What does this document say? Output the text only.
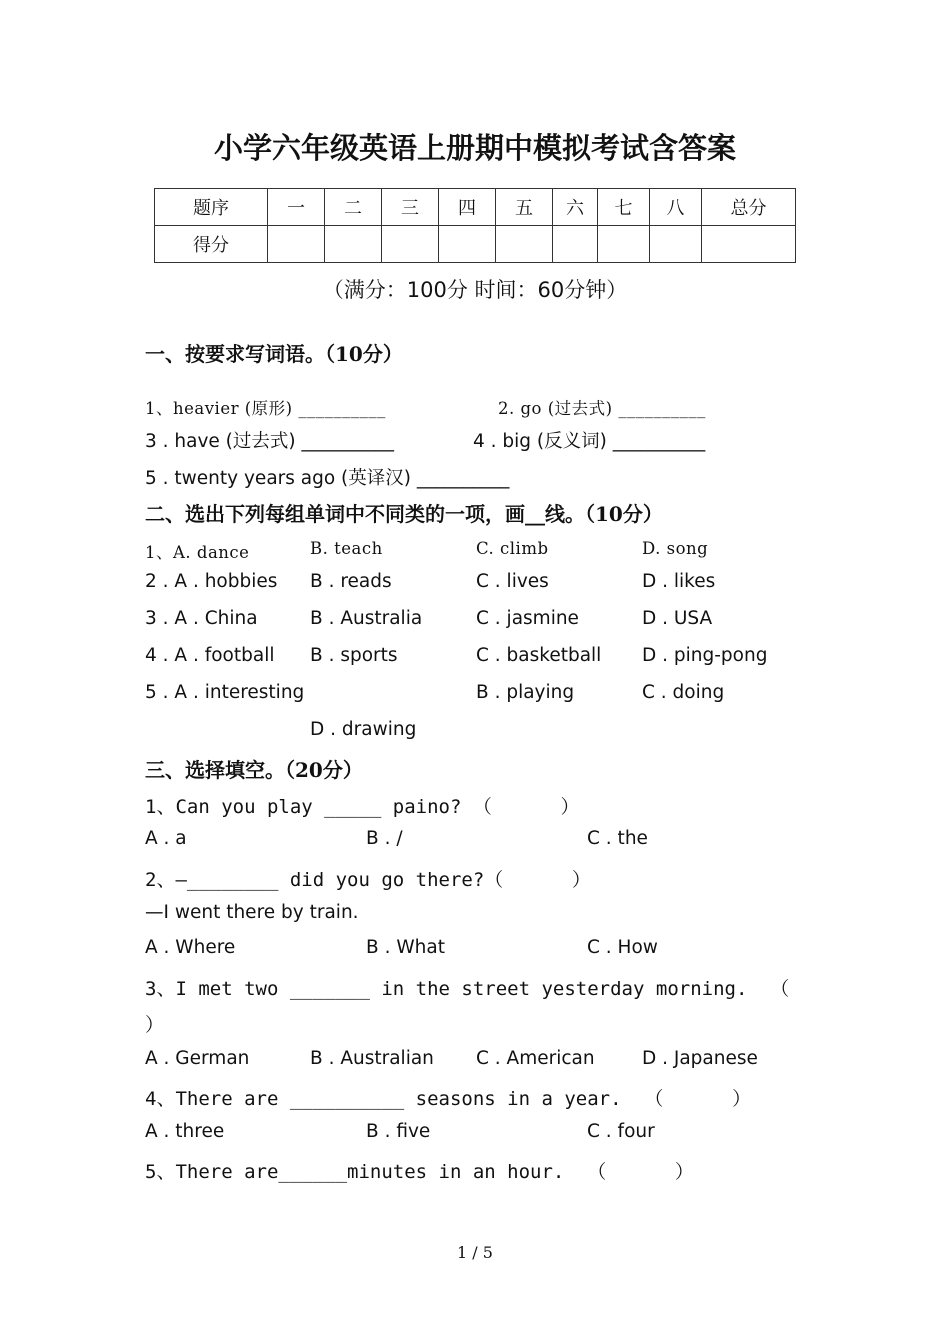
小学六年级英语上册期中模拟考试含答案
题序	一	二	三	四	五	六	七	八	总分
得分									
（满分：100分 时间：60分钟）
一、按要求写词语。（10分）
1、heavier (原形) __________	2. go (过去式) __________
3 . have (过去式) __________	4 . big (反义词) __________
5 . twenty years ago (英译汉) __________
二、选出下列每组单词中不同类的一项，画__线。（10分）
1、A. dance	B. teach	C. climb	D. song
2 . A . hobbies B . reads	C . lives	D . likes
3 . A . China	B . Australia	C . jasmine	D . USA
4 . A . football B . sports	C . basketball D . ping-pong
5 . A . interesting	B . playing	C . doing
D . drawing
三、选择填空。（20分）
1、Can you play _____ paino? （      ）
A . a	B . /	C . the
2、—________ did you go there?（      ）
—I went there by train.
A . Where	B . What	C . How
3、I met two _______ in the street yesterday morning.  （
）
A . German	B . Australian C . American	D . Japanese
4、There are __________ seasons in a year.  （      ）
A . three	B . five	C . four
5、There are______minutes in an hour.  （      ）
1 / 5
